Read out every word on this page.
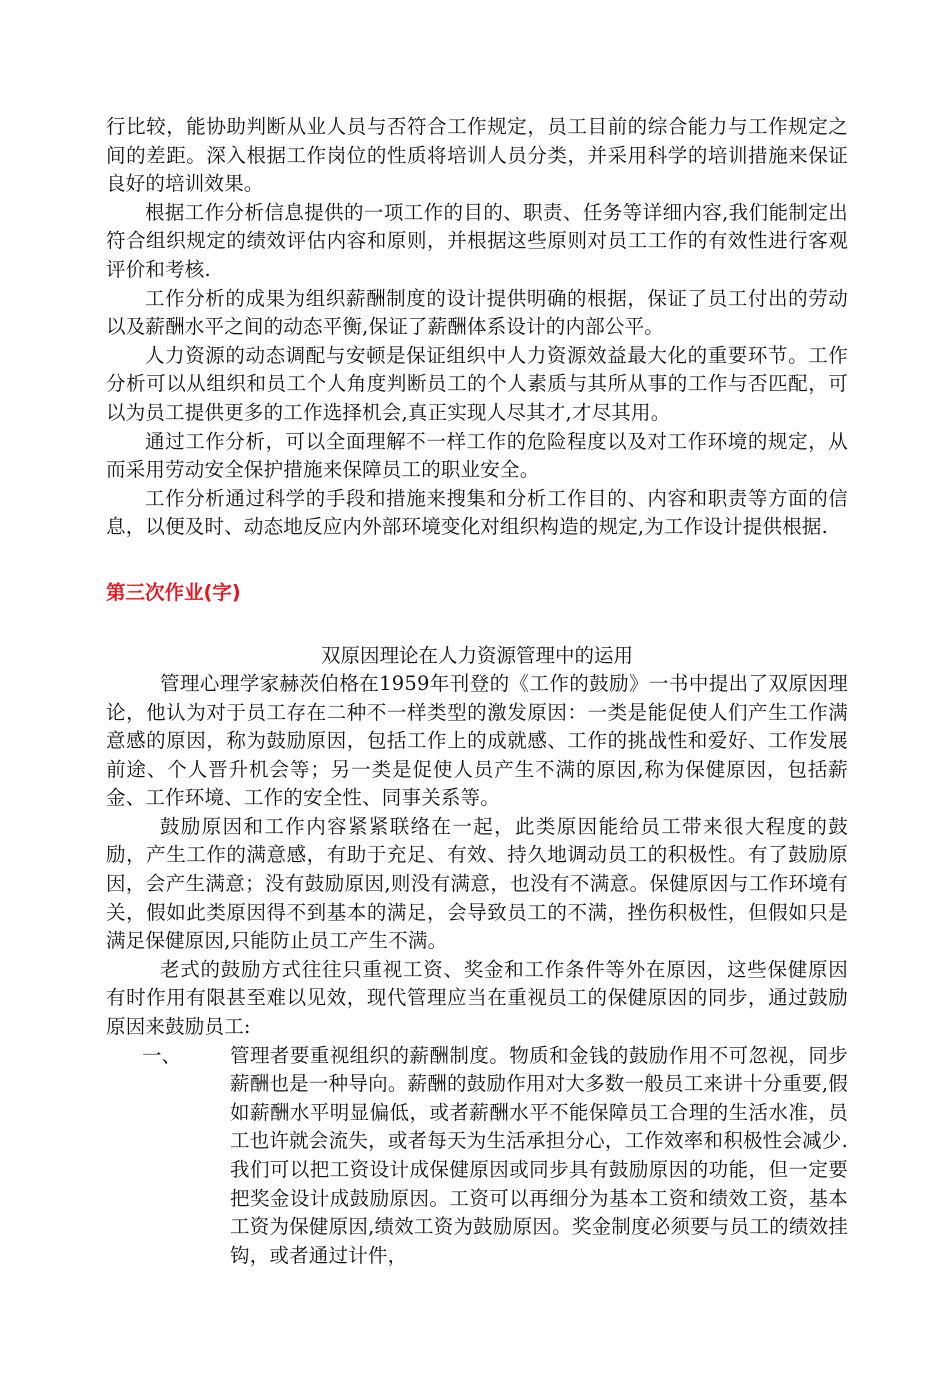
行比较，能协助判断从业人员与否符合工作规定，员工目前的综合能力与工作规定之间的差距。深入根据工作岗位的性质将培训人员分类，并采用科学的培训措施来保证良好的培训效果。

根据工作分析信息提供的一项工作的目的、职责、任务等详细内容,我们能制定出符合组织规定的绩效评估内容和原则，并根据这些原则对员工工作的有效性进行客观评价和考核.

工作分析的成果为组织薪酬制度的设计提供明确的根据，保证了员工付出的劳动以及薪酬水平之间的动态平衡,保证了薪酬体系设计的内部公平。

人力资源的动态调配与安顿是保证组织中人力资源效益最大化的重要环节。工作分析可以从组织和员工个人角度判断员工的个人素质与其所从事的工作与否匹配，可以为员工提供更多的工作选择机会,真正实现人尽其才,才尽其用。

通过工作分析，可以全面理解不一样工作的危险程度以及对工作环境的规定，从而采用劳动安全保护措施来保障员工的职业安全。

工作分析通过科学的手段和措施来搜集和分析工作目的、内容和职责等方面的信息，以便及时、动态地反应内外部环境变化对组织构造的规定,为工作设计提供根据.

第三次作业(字)
双原因理论在人力资源管理中的运用

管理心理学家赫茨伯格在1959年刊登的《工作的鼓励》一书中提出了双原因理论，他认为对于员工存在二种不一样类型的激发原因：一类是能促使人们产生工作满意感的原因，称为鼓励原因，包括工作上的成就感、工作的挑战性和爱好、工作发展前途、个人晋升机会等；另一类是促使人员产生不满的原因,称为保健原因，包括薪金、工作环境、工作的安全性、同事关系等。

鼓励原因和工作内容紧紧联络在一起，此类原因能给员工带来很大程度的鼓励，产生工作的满意感，有助于充足、有效、持久地调动员工的积极性。有了鼓励原因，会产生满意；没有鼓励原因,则没有满意，也没有不满意。保健原因与工作环境有关，假如此类原因得不到基本的满足，会导致员工的不满，挫伤积极性，但假如只是满足保健原因,只能防止员工产生不满。

老式的鼓励方式往往只重视工资、奖金和工作条件等外在原因，这些保健原因有时作用有限甚至难以见效，现代管理应当在重视员工的保健原因的同步，通过鼓励原因来鼓励员工:

一、	管理者要重视组织的薪酬制度。物质和金钱的鼓励作用不可忽视，同步薪酬也是一种导向。薪酬的鼓励作用对大多数一般员工来讲十分重要,假如薪酬水平明显偏低，或者薪酬水平不能保障员工合理的生活水准，员工也许就会流失，或者每天为生活承担分心，工作效率和积极性会减少.我们可以把工资设计成保健原因或同步具有鼓励原因的功能，但一定要把奖金设计成鼓励原因。工资可以再细分为基本工资和绩效工资，基本工资为保健原因,绩效工资为鼓励原因。奖金制度必须要与员工的绩效挂钩，或者通过计件，
